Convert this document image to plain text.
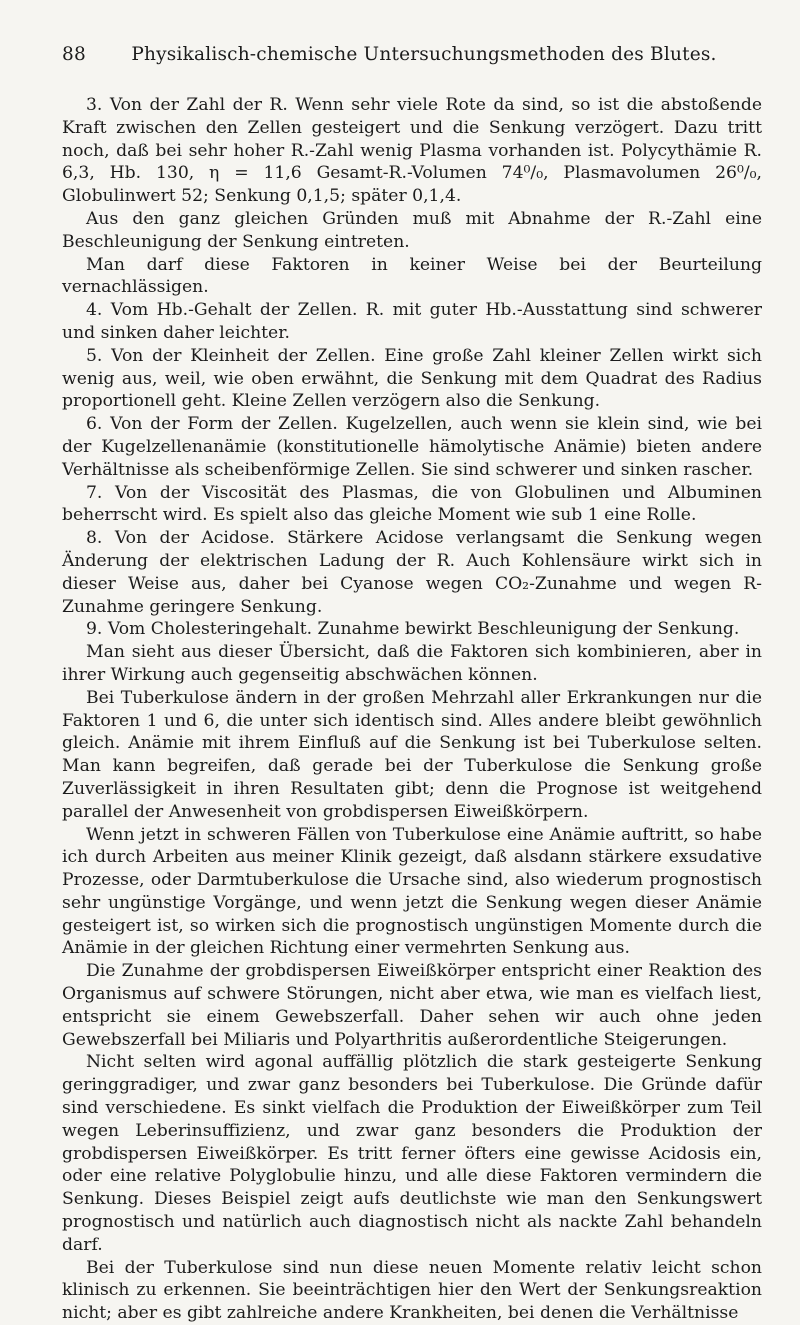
88	Physikalisch-chemische Untersuchungsmethoden des Blutes.

3. Von der Zahl der R. Wenn sehr viele Rote da sind, so ist die abstoßende Kraft zwischen den Zellen gesteigert und die Senkung verzögert. Dazu tritt noch, daß bei sehr hoher R.-Zahl wenig Plasma vorhanden ist. Polycythämie R. 6,3, Hb. 130, η = 11,6 Gesamt-R.-Volumen 74⁰/₀, Plasmavolumen 26⁰/₀, Globulinwert 52; Senkung 0,1,5; später 0,1,4.

Aus den ganz gleichen Gründen muß mit Abnahme der R.-Zahl eine Beschleunigung der Senkung eintreten.

Man darf diese Faktoren in keiner Weise bei der Beurteilung vernachlässigen.

4. Vom Hb.-Gehalt der Zellen. R. mit guter Hb.-Ausstattung sind schwerer und sinken daher leichter.

5. Von der Kleinheit der Zellen. Eine große Zahl kleiner Zellen wirkt sich wenig aus, weil, wie oben erwähnt, die Senkung mit dem Quadrat des Radius proportionell geht. Kleine Zellen verzögern also die Senkung.

6. Von der Form der Zellen. Kugelzellen, auch wenn sie klein sind, wie bei der Kugelzellenanämie (konstitutionelle hämolytische Anämie) bieten andere Verhältnisse als scheibenförmige Zellen. Sie sind schwerer und sinken rascher.

7. Von der Viscosität des Plasmas, die von Globulinen und Albuminen beherrscht wird. Es spielt also das gleiche Moment wie sub 1 eine Rolle.

8. Von der Acidose. Stärkere Acidose verlangsamt die Senkung wegen Änderung der elektrischen Ladung der R. Auch Kohlensäure wirkt sich in dieser Weise aus, daher bei Cyanose wegen CO₂-Zunahme und wegen R-Zunahme geringere Senkung.

9. Vom Cholesteringehalt. Zunahme bewirkt Beschleunigung der Senkung.

Man sieht aus dieser Übersicht, daß die Faktoren sich kombinieren, aber in ihrer Wirkung auch gegenseitig abschwächen können.

Bei Tuberkulose ändern in der großen Mehrzahl aller Erkrankungen nur die Faktoren 1 und 6, die unter sich identisch sind. Alles andere bleibt gewöhnlich gleich. Anämie mit ihrem Einfluß auf die Senkung ist bei Tuberkulose selten. Man kann begreifen, daß gerade bei der Tuberkulose die Senkung große Zuverlässigkeit in ihren Resultaten gibt; denn die Prognose ist weitgehend parallel der Anwesenheit von grobdispersen Eiweißkörpern.

Wenn jetzt in schweren Fällen von Tuberkulose eine Anämie auftritt, so habe ich durch Arbeiten aus meiner Klinik gezeigt, daß alsdann stärkere exsudative Prozesse, oder Darmtuberkulose die Ursache sind, also wiederum prognostisch sehr ungünstige Vorgänge, und wenn jetzt die Senkung wegen dieser Anämie gesteigert ist, so wirken sich die prognostisch ungünstigen Momente durch die Anämie in der gleichen Richtung einer vermehrten Senkung aus.

Die Zunahme der grobdispersen Eiweißkörper entspricht einer Reaktion des Organismus auf schwere Störungen, nicht aber etwa, wie man es vielfach liest, entspricht sie einem Gewebszerfall. Daher sehen wir auch ohne jeden Gewebszerfall bei Miliaris und Polyarthritis außerordentliche Steigerungen.

Nicht selten wird agonal auffällig plötzlich die stark gesteigerte Senkung geringgradiger, und zwar ganz besonders bei Tuberkulose. Die Gründe dafür sind verschiedene. Es sinkt vielfach die Produktion der Eiweißkörper zum Teil wegen Leberinsuffizienz, und zwar ganz besonders die Produktion der grobdispersen Eiweißkörper. Es tritt ferner öfters eine gewisse Acidosis ein, oder eine relative Polyglobulie hinzu, und alle diese Faktoren vermindern die Senkung. Dieses Beispiel zeigt aufs deutlichste wie man den Senkungswert prognostisch und natürlich auch diagnostisch nicht als nackte Zahl behandeln darf.

Bei der Tuberkulose sind nun diese neuen Momente relativ leicht schon klinisch zu erkennen. Sie beeinträchtigen hier den Wert der Senkungsreaktion nicht; aber es gibt zahlreiche andere Krankheiten, bei denen die Verhältnisse
